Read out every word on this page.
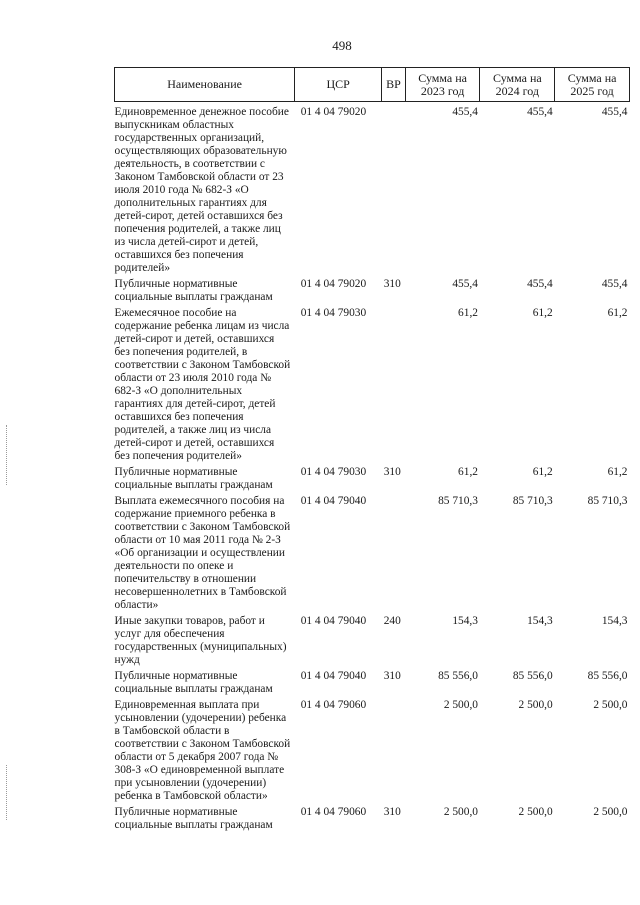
498
Наименование	ЦСР	ВР	Сумма на 2023 год	Сумма на 2024 год	Сумма на 2025 год
Единовременное денежное пособие выпускникам областных государственных организаций, осуществляющих образовательную деятельность, в соответствии с Законом Тамбовской области от 23 июля 2010 года № 682-З «О дополнительных гарантиях для детей-сирот, детей оставшихся без попечения родителей, а также лиц из числа детей-сирот и детей, оставшихся без попечения родителей»	01 4 04 79020		455,4	455,4	455,4
Публичные нормативные социальные выплаты гражданам	01 4 04 79020	310	455,4	455,4	455,4
Ежемесячное пособие на содержание ребенка лицам из числа детей-сирот и детей, оставшихся без попечения родителей, в соответствии с Законом Тамбовской области от 23 июля 2010 года № 682-З «О дополнительных гарантиях для детей-сирот, детей оставшихся без попечения родителей, а также лиц из числа детей-сирот и детей, оставшихся без попечения родителей»	01 4 04 79030		61,2	61,2	61,2
Публичные нормативные социальные выплаты гражданам	01 4 04 79030	310	61,2	61,2	61,2
Выплата ежемесячного пособия на содержание приемного ребенка в соответствии с Законом Тамбовской области от 10 мая 2011 года № 2-З «Об организации и осуществлении деятельности по опеке и попечительству в отношении несовершеннолетних в Тамбовской области»	01 4 04 79040		85 710,3	85 710,3	85 710,3
Иные закупки товаров, работ и услуг для обеспечения государственных (муниципальных) нужд	01 4 04 79040	240	154,3	154,3	154,3
Публичные нормативные социальные выплаты гражданам	01 4 04 79040	310	85 556,0	85 556,0	85 556,0
Единовременная выплата при усыновлении (удочерении) ребенка в Тамбовской области в соответствии с Законом Тамбовской области от 5 декабря 2007 года № 308-З «О единовременной выплате при усыновлении (удочерении) ребенка в Тамбовской области»	01 4 04 79060		2 500,0	2 500,0	2 500,0
Публичные нормативные социальные выплаты гражданам	01 4 04 79060	310	2 500,0	2 500,0	2 500,0
